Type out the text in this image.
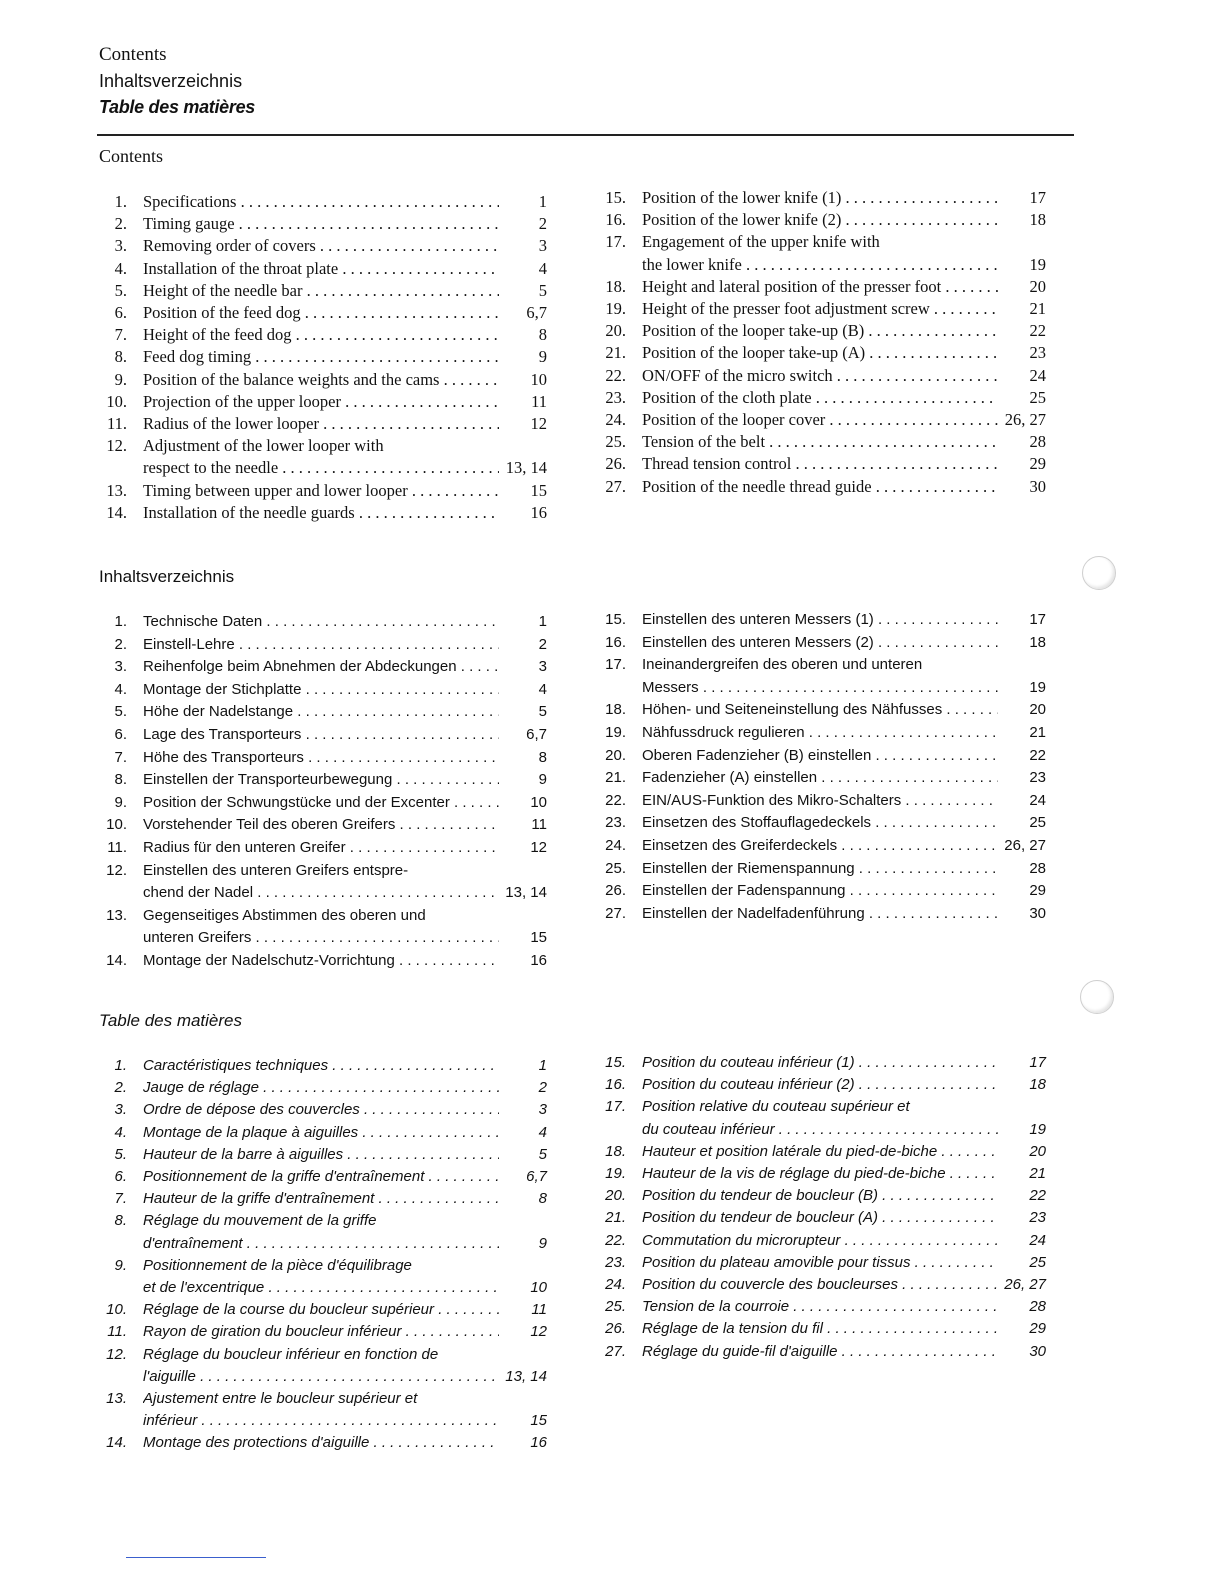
Contents
Inhaltsverzeichnis
Table des matières
Contents
1. Specifications . . .	1
2. Timing gauge . . .	2
3. Removing order of covers . . .	3
4. Installation of the throat plate . . .	4
5. Height of the needle bar . . .	5
6. Position of the feed dog . . .	6,7
7. Height of the feed dog . . .	8
8. Feed dog timing . . .	9
9. Position of the balance weights and the cams . . .	10
10. Projection of the upper looper . . .	11
11. Radius of the lower looper . . .	12
12. Adjustment of the lower looper with
respect to the needle . . .	13, 14
13. Timing between upper and lower looper . . .	15
14. Installation of the needle guards . . .	16
15. Position of the lower knife (1) . . .	17
16. Position of the lower knife (2) . . .	18
17. Engagement of the upper knife with
the lower knife . . .	19
18. Height and lateral position of the presser foot . . .	20
19. Height of the presser foot adjustment screw . . .	21
20. Position of the looper take-up (B) . . .	22
21. Position of the looper take-up (A) . . .	23
22. ON/OFF of the micro switch . . .	24
23. Position of the cloth plate . . .	25
24. Position of the looper cover . . .	26, 27
25. Tension of the belt . . .	28
26. Thread tension control . . .	29
27. Position of the needle thread guide . . .	30
Inhaltsverzeichnis
1. Technische Daten . . .	1
2. Einstell-Lehre . . .	2
3. Reihenfolge beim Abnehmen der Abdeckungen . . .	3
4. Montage der Stichplatte . . .	4
5. Höhe der Nadelstange . . .	5
6. Lage des Transporteurs . . .	6,7
7. Höhe des Transporteurs . . .	8
8. Einstellen der Transporteurbewegung . . .	9
9. Position der Schwungstücke und der Excenter . . .	10
10. Vorstehender Teil des oberen Greifers . . .	11
11. Radius für den unteren Greifer . . .	12
12. Einstellen des unteren Greifers entspre-
chend der Nadel . . .	13, 14
13. Gegenseitiges Abstimmen des oberen und
unteren Greifers . . .	15
14. Montage der Nadelschutz-Vorrichtung . . .	16
15. Einstellen des unteren Messers (1) . . .	17
16. Einstellen des unteren Messers (2) . . .	18
17. Ineinandergreifen des oberen und unteren
Messers . . .	19
18. Höhen- und Seiteneinstellung des Nähfusses . . .	20
19. Nähfussdruck regulieren . . .	21
20. Oberen Fadenzieher (B) einstellen . . .	22
21. Fadenzieher (A) einstellen . . .	23
22. EIN/AUS-Funktion des Mikro-Schalters . . .	24
23. Einsetzen des Stoffauflagedeckels . . .	25
24. Einsetzen des Greiferdeckels . . .	26, 27
25. Einstellen der Riemenspannung . . .	28
26. Einstellen der Fadenspannung . . .	29
27. Einstellen der Nadelfadenführung . . .	30
Table des matières
1. Caractéristiques techniques . . .	1
2. Jauge de réglage . . .	2
3. Ordre de dépose des couvercles . . .	3
4. Montage de la plaque à aiguilles . . .	4
5. Hauteur de la barre à aiguilles . . .	5
6. Positionnement de la griffe d'entraînement . . .	6,7
7. Hauteur de la griffe d'entraînement . . .	8
8. Réglage du mouvement de la griffe
d'entraînement . . .	9
9. Positionnement de la pièce d'équilibrage
et de l'excentrique . . .	10
10. Réglage de la course du boucleur supérieur . . .	11
11. Rayon de giration du boucleur inférieur . . .	12
12. Réglage du boucleur inférieur en fonction de
l'aiguille . . .	13, 14
13. Ajustement entre le boucleur supérieur et
inférieur . . .	15
14. Montage des protections d'aiguille . . .	16
15. Position du couteau inférieur (1) . . .	17
16. Position du couteau inférieur (2) . . .	18
17. Position relative du couteau supérieur et
du couteau inférieur . . .	19
18. Hauteur et position latérale du pied-de-biche . . .	20
19. Hauteur de la vis de réglage du pied-de-biche . . .	21
20. Position du tendeur de boucleur (B) . . .	22
21. Position du tendeur de boucleur (A) . . .	23
22. Commutation du microrupteur . . .	24
23. Position du plateau amovible pour tissus . . .	25
24. Position du couvercle des boucleurses . . .	26, 27
25. Tension de la courroie . . .	28
26. Réglage de la tension du fil . . .	29
27. Réglage du guide-fil d'aiguille . . .	30
